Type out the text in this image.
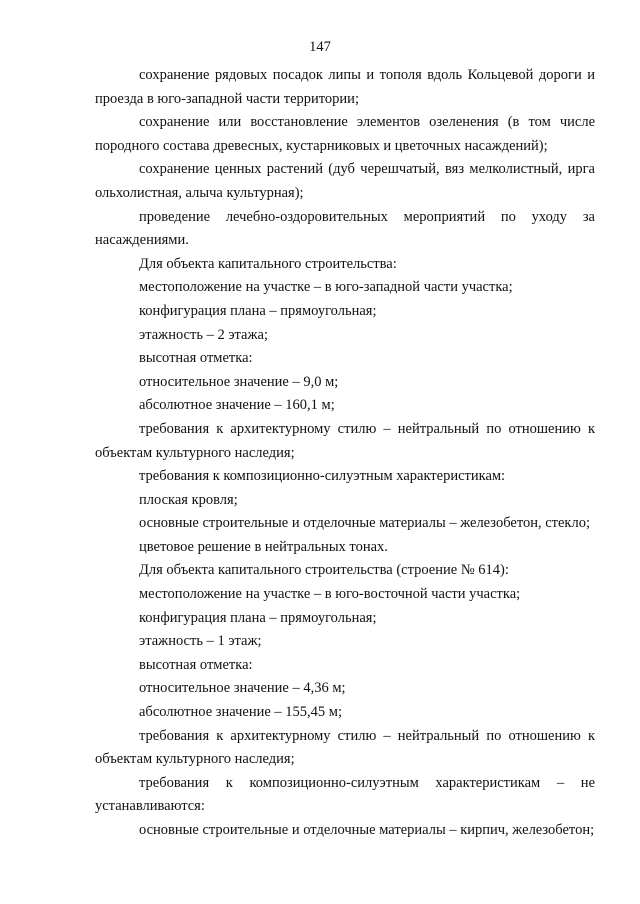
147

сохранение рядовых посадок липы и тополя вдоль Кольцевой дороги и проезда в юго-западной части территории;

сохранение или восстановление элементов озеленения (в том числе породного состава древесных, кустарниковых и цветочных насаждений);

сохранение ценных растений (дуб черешчатый, вяз мелколистный, ирга ольхолистная, алыча культурная);

проведение лечебно-оздоровительных мероприятий по уходу за насаждениями.

Для объекта капитального строительства:

местоположение на участке – в юго-западной части участка;

конфигурация плана – прямоугольная;

этажность – 2 этажа;

высотная отметка:

относительное значение – 9,0 м;

абсолютное значение – 160,1 м;

требования к архитектурному стилю – нейтральный по отношению к объектам культурного наследия;

требования к композиционно-силуэтным характеристикам:

плоская кровля;

основные строительные и отделочные материалы – железобетон, стекло;

цветовое решение в нейтральных тонах.

Для объекта капитального строительства (строение № 614):

местоположение на участке – в юго-восточной части участка;

конфигурация плана – прямоугольная;

этажность – 1 этаж;

высотная отметка:

относительное значение – 4,36 м;

абсолютное значение – 155,45 м;

требования к архитектурному стилю – нейтральный по отношению к объектам культурного наследия;

требования к композиционно-силуэтным характеристикам – не устанавливаются:

основные строительные и отделочные материалы – кирпич, железобетон;
